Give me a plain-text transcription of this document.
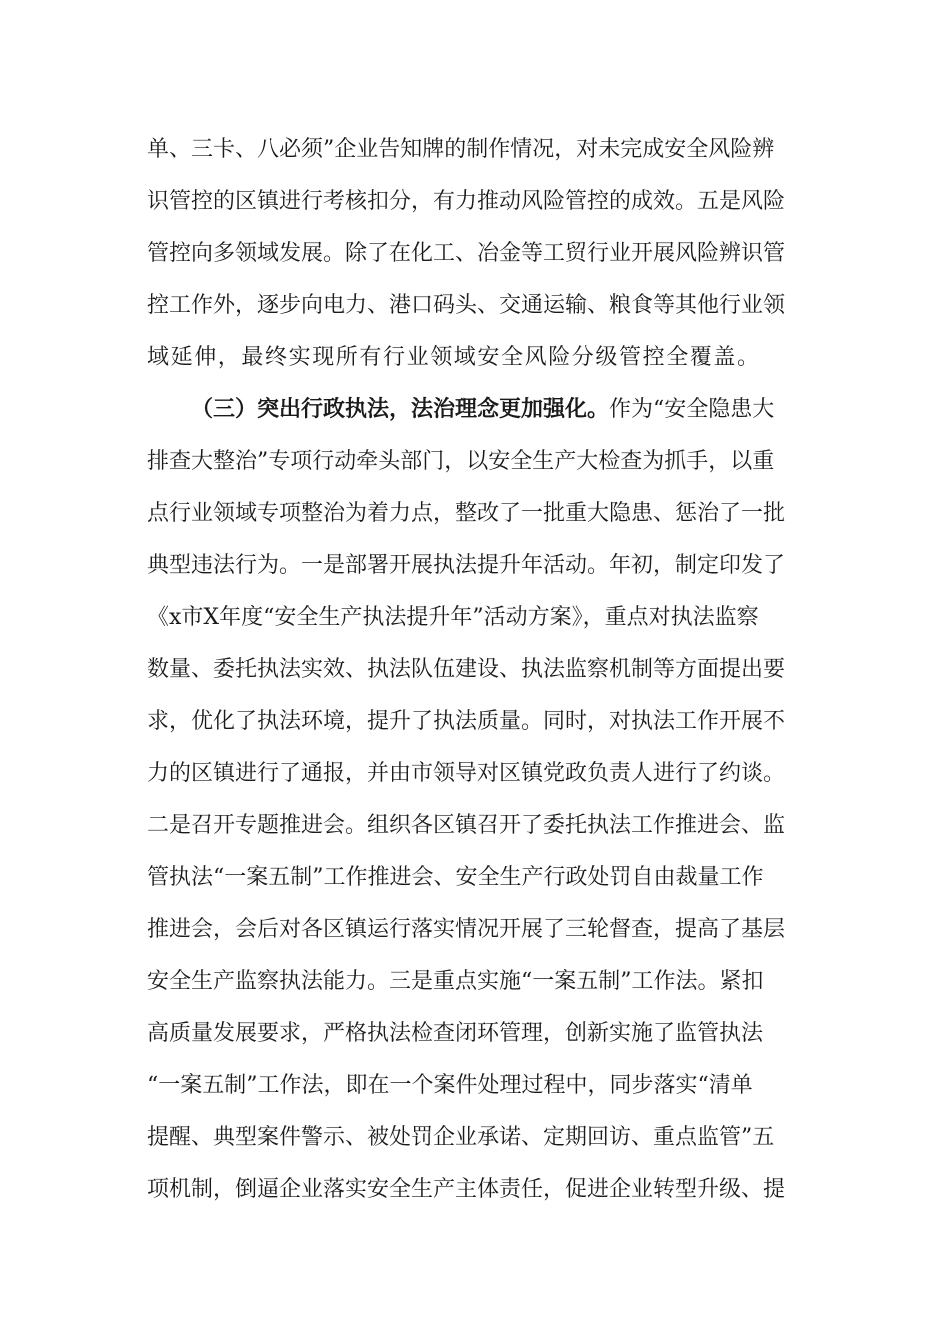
单、三卡、八必须”企业告知牌的制作情况，对未完成安全风险辨
识管控的区镇进行考核扣分，有力推动风险管控的成效。五是风险
管控向多领域发展。除了在化工、冶金等工贸行业开展风险辨识管
控工作外，逐步向电力、港口码头、交通运输、粮食等其他行业领
域延伸，最终实现所有行业领域安全风险分级管控全覆盖。
（三）突出行政执法，法治理念更加强化。作为“安全隐患大
排查大整治”专项行动牵头部门，以安全生产大检查为抓手，以重
点行业领域专项整治为着力点，整改了一批重大隐患、惩治了一批
典型违法行为。一是部署开展执法提升年活动。年初，制定印发了
《x市X年度“安全生产执法提升年”活动方案》，重点对执法监察
数量、委托执法实效、执法队伍建设、执法监察机制等方面提出要
求，优化了执法环境，提升了执法质量。同时，对执法工作开展不
力的区镇进行了通报，并由市领导对区镇党政负责人进行了约谈。
二是召开专题推进会。组织各区镇召开了委托执法工作推进会、监
管执法“一案五制”工作推进会、安全生产行政处罚自由裁量工作
推进会，会后对各区镇运行落实情况开展了三轮督查，提高了基层
安全生产监察执法能力。三是重点实施“一案五制”工作法。紧扣
高质量发展要求，严格执法检查闭环管理，创新实施了监管执法
“一案五制”工作法，即在一个案件处理过程中，同步落实“清单
提醒、典型案件警示、被处罚企业承诺、定期回访、重点监管”五
项机制，倒逼企业落实安全生产主体责任，促进企业转型升级、提
